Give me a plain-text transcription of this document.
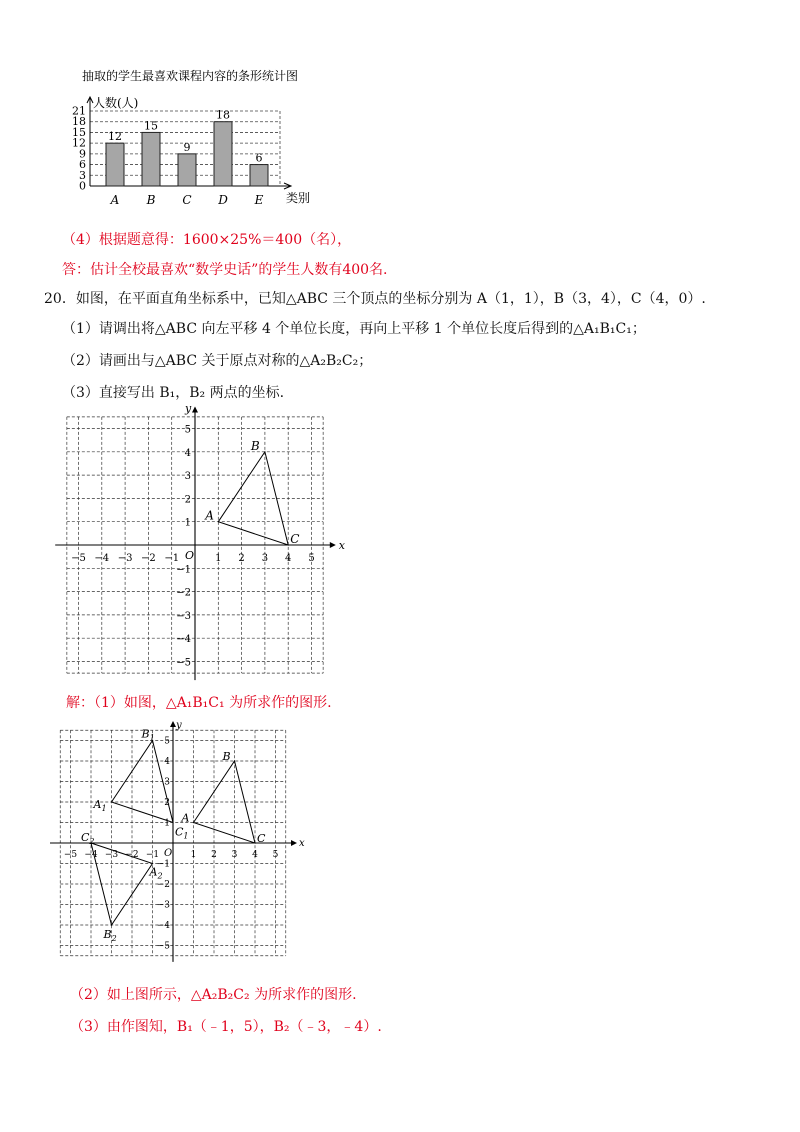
抽取的学生最喜欢课程内容的条形统计图
0
3
6
9
12
15
18
21
人数(人)
类别
12
A
15
B
9
C
18
D
6
E
（4）根据题意得：1600×25%＝400（名），
答：估计全校最喜欢“数学史话”的学生人数有400名.
20．如图，在平面直角坐标系中，已知△ABC 三个顶点的坐标分别为 A（1，1），B（3，4），C（4，0）.
（1）请调出将△ABC 向左平移 4 个单位长度，再向上平移 1 个单位长度后得到的△A₁B₁C₁；
（2）请画出与△ABC 关于原点对称的△A₂B₂C₂；
（3）直接写出 B₁，B₂ 两点的坐标.
−5 −4 −3 −2 −1	1 2 3 4 5
5
4
3
2
1
−1
−2
−3
−4
−5
x
y
O
A
B
C
解：（1）如图，△A₁B₁C₁ 为所求作的图形.
−5 −4 −3 −2 −1	1 2 3 4 5
5
4
3
2
1
−1
−2
−3
−4
−5
x
y
O
A
B
C
$A_1$
$B_1$
$C_1$
$A_2$
$B_2$
$C_2$
（2）如上图所示，△A₂B₂C₂ 为所求作的图形.
（3）由作图知，B₁（﹣1，5），B₂（﹣3，﹣4）.
